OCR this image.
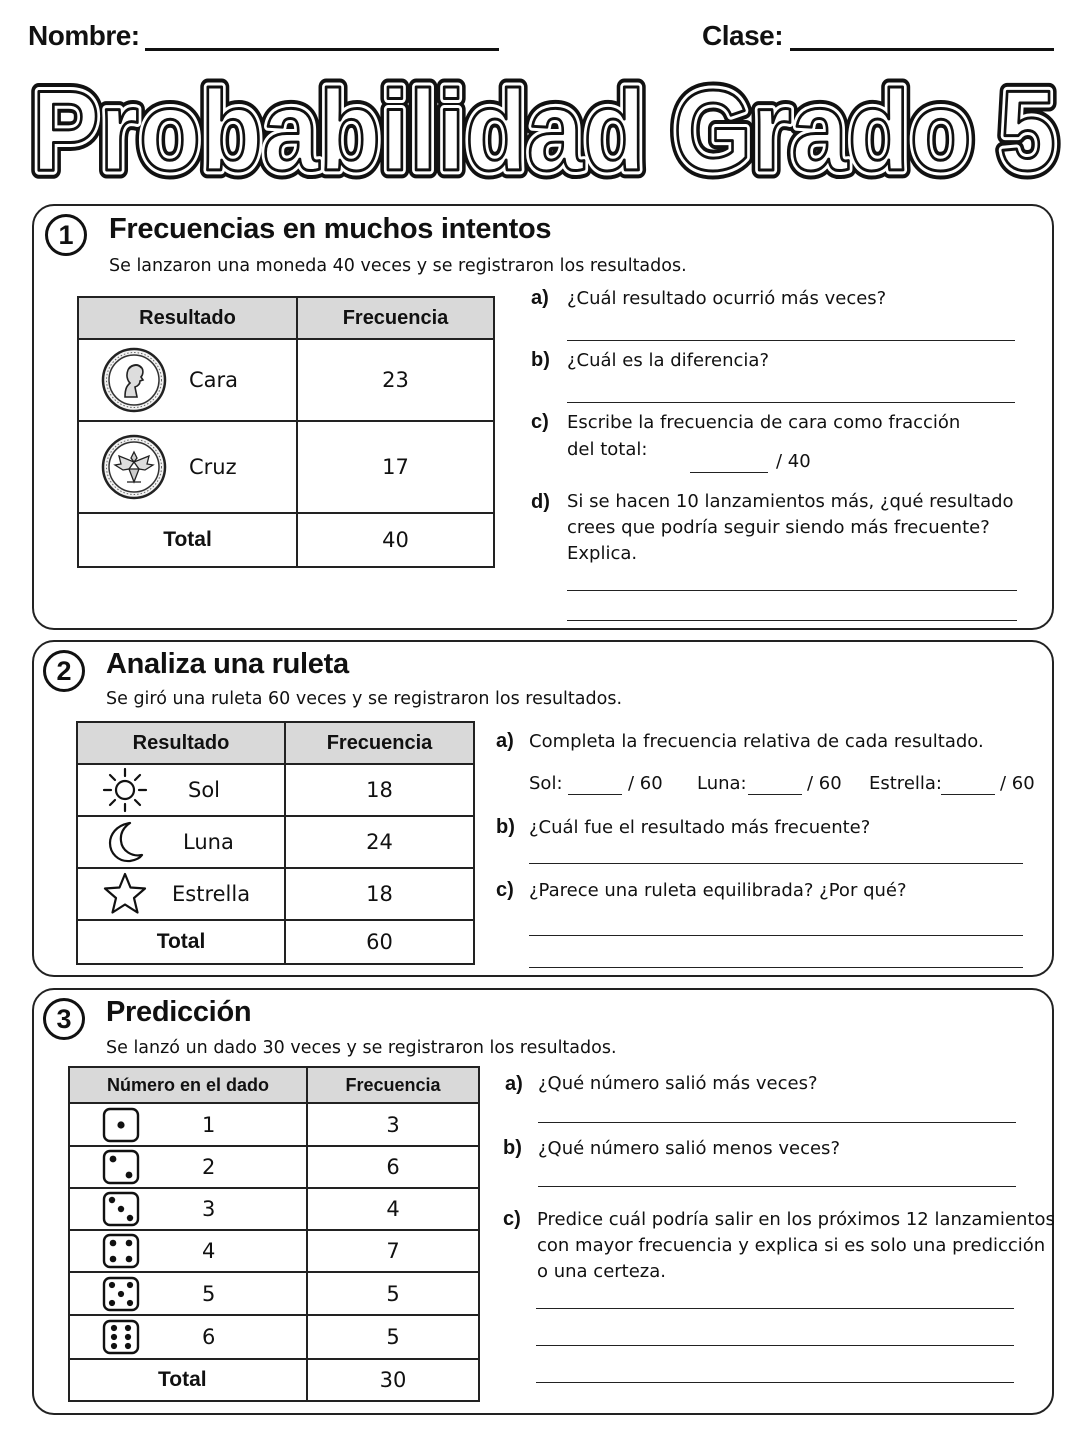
Nombre:	Clase:
Probabilidad Grado 5
Probabilidad Grado 5
Probabilidad Grado 5
1	Frecuencias en muchos intentos
Se lanzaron una moneda 40 veces y se registraron los resultados.
Resultado	Frecuencia

Cara	23

Cruz	17
Total	40
a) ¿Cuál resultado ocurrió más veces?
b) ¿Cuál es la diferencia?
c) Escribe la frecuencia de cara como fracción
del total:
/ 40
d) Si se hacen 10 lanzamientos más, ¿qué resultado
crees que podría seguir siendo más frecuente?
Explica.
2	Analiza una ruleta
Se giró una ruleta 60 veces y se registraron los resultados.
Resultado	Frecuencia

Sol	18

Luna	24

Estrella	18
Total	60
a) Completa la frecuencia relativa de cada resultado.
Sol:	/ 60 Luna:	/ 60 Estrella:	/ 60
b) ¿Cuál fue el resultado más frecuente?
c) ¿Parece una ruleta equilibrada? ¿Por qué?
3	Predicción
Se lanzó un dado 30 veces y se registraron los resultados.
Número en el dado	Frecuencia

1	3

2	6

3	4

4	7

5	5

6	5
Total	30
a) ¿Qué número salió más veces?
b) ¿Qué número salió menos veces?
c) Predice cuál podría salir en los próximos 12 lanzamientos
con mayor frecuencia y explica si es solo una predicción
o una certeza.
